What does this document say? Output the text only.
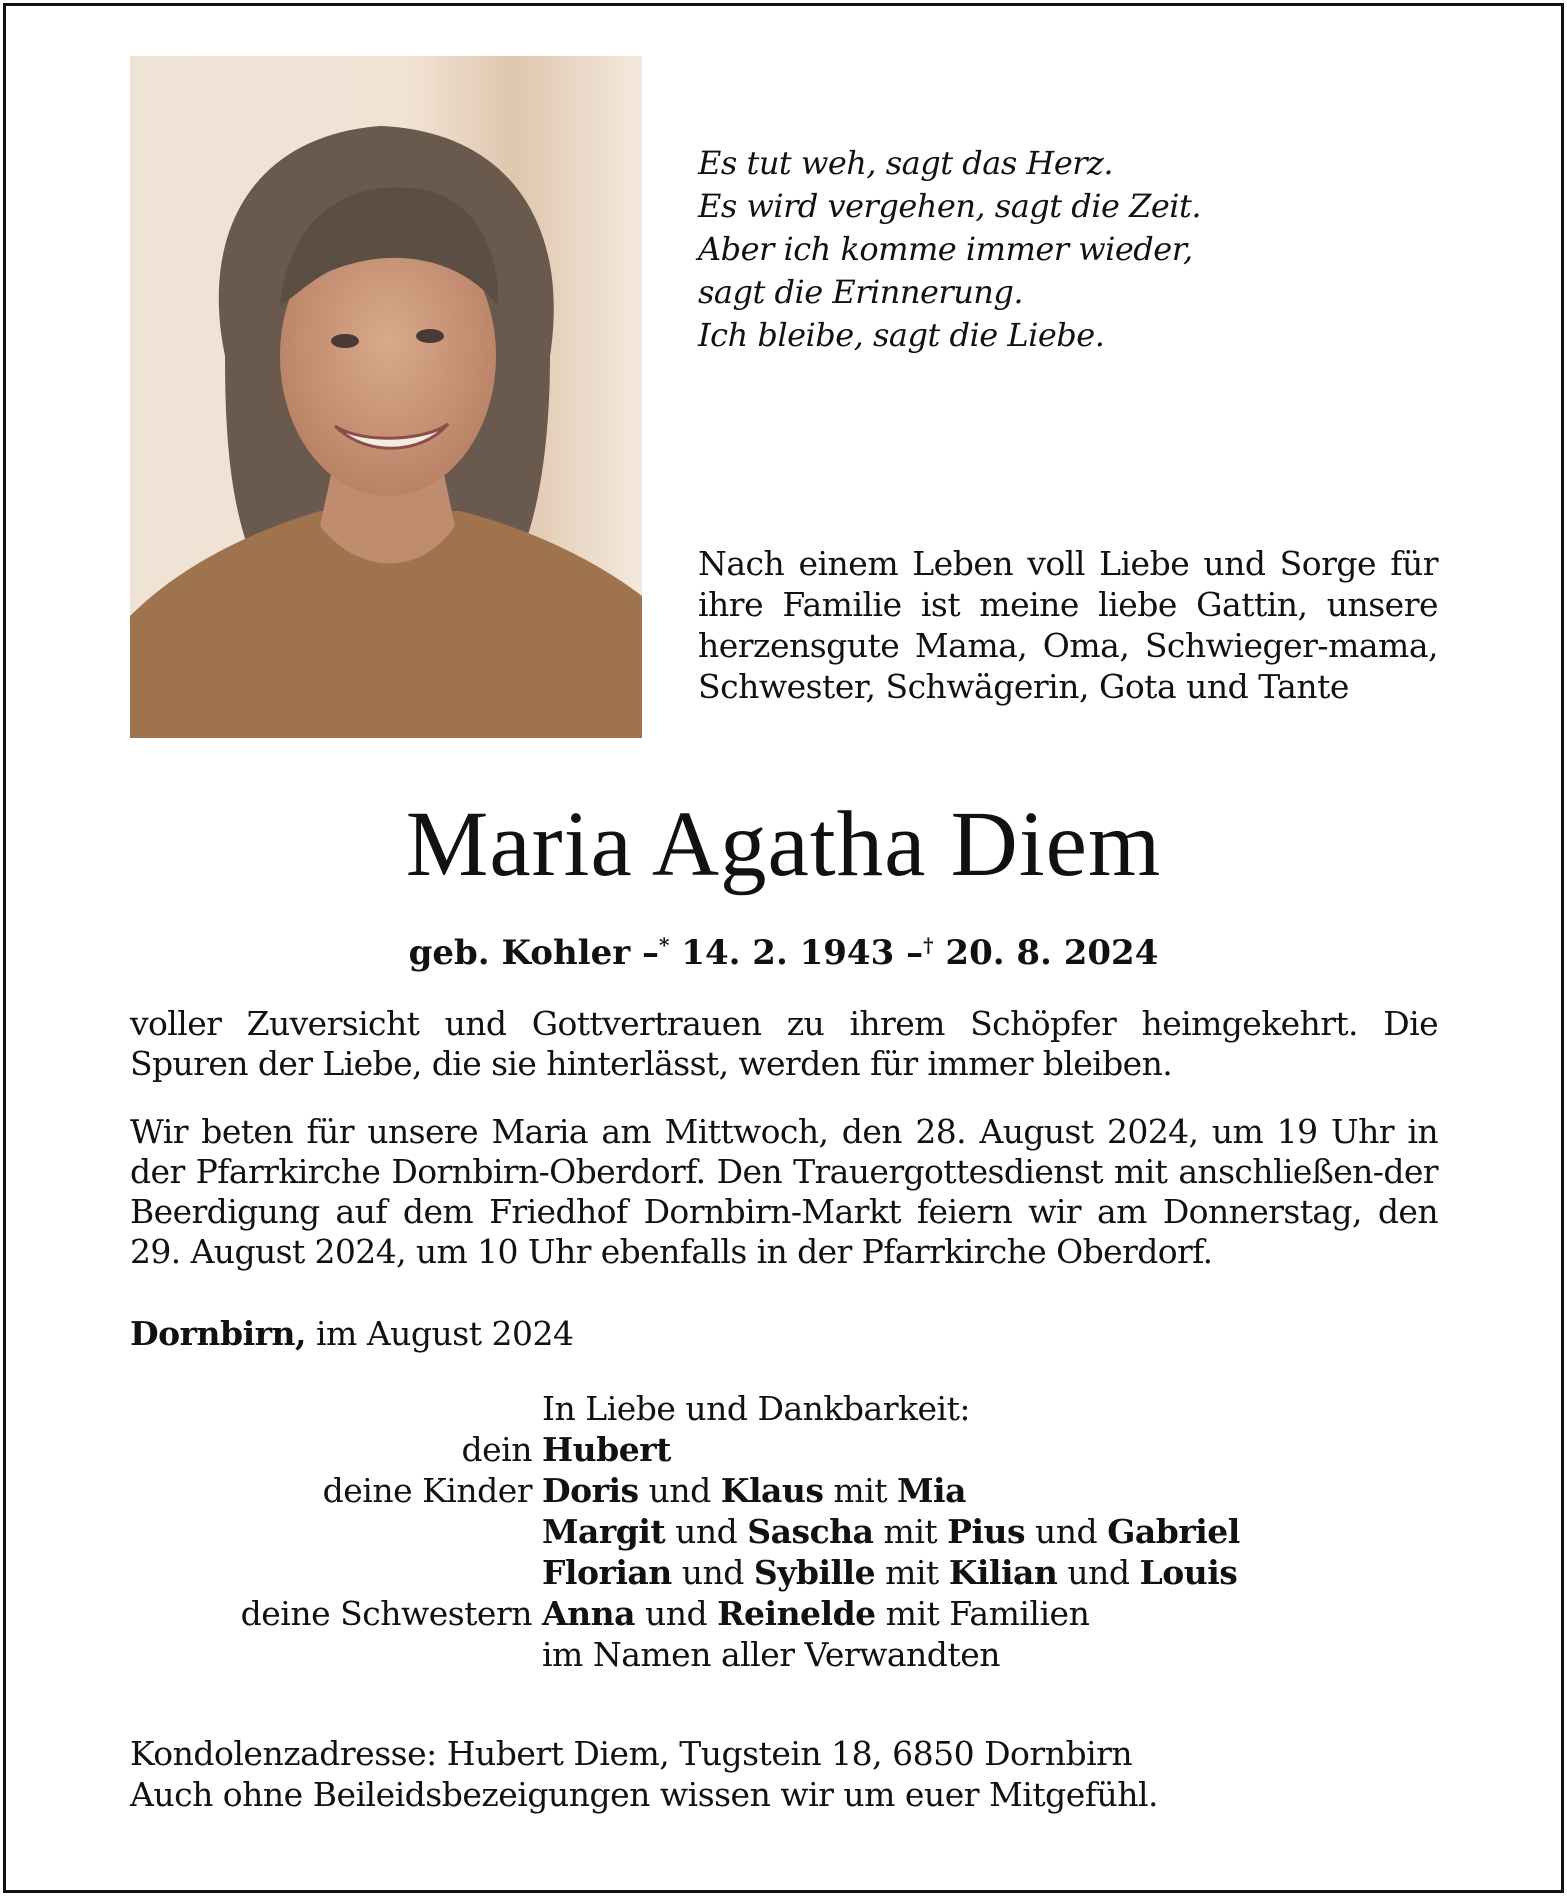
Es tut weh, sagt das Herz.
Es wird vergehen, sagt die Zeit.
Aber ich komme immer wieder,
sagt die Erinnerung.
Ich bleibe, sagt die Liebe.
Nach einem Leben voll Liebe und Sorge für ihre Familie ist meine liebe Gattin, unsere herzensgute Mama, Oma, Schwieger-mama, Schwester, Schwägerin, Gota und Tante
Maria Agatha Diem
geb. Kohler –* 14. 2. 1943 –† 20. 8. 2024
voller Zuversicht und Gottvertrauen zu ihrem Schöpfer heimgekehrt. Die Spuren der Liebe, die sie hinterlässt, werden für immer bleiben.
Wir beten für unsere Maria am Mittwoch, den 28. August 2024, um 19 Uhr in der Pfarrkirche Dornbirn-Oberdorf. Den Trauergottesdienst mit anschließen-der Beerdigung auf dem Friedhof Dornbirn-Markt feiern wir am Donnerstag, den 29. August 2024, um 10 Uhr ebenfalls in der Pfarrkirche Oberdorf.
Dornbirn, im August 2024
In Liebe und Dankbarkeit:
dein Hubert
deine Kinder Doris und Klaus mit Mia
Margit und Sascha mit Pius und Gabriel
Florian und Sybille mit Kilian und Louis
deine Schwestern Anna und Reinelde mit Familien
im Namen aller Verwandten
Kondolenzadresse: Hubert Diem, Tugstein 18, 6850 Dornbirn
Auch ohne Beileidsbezeigungen wissen wir um euer Mitgefühl.
